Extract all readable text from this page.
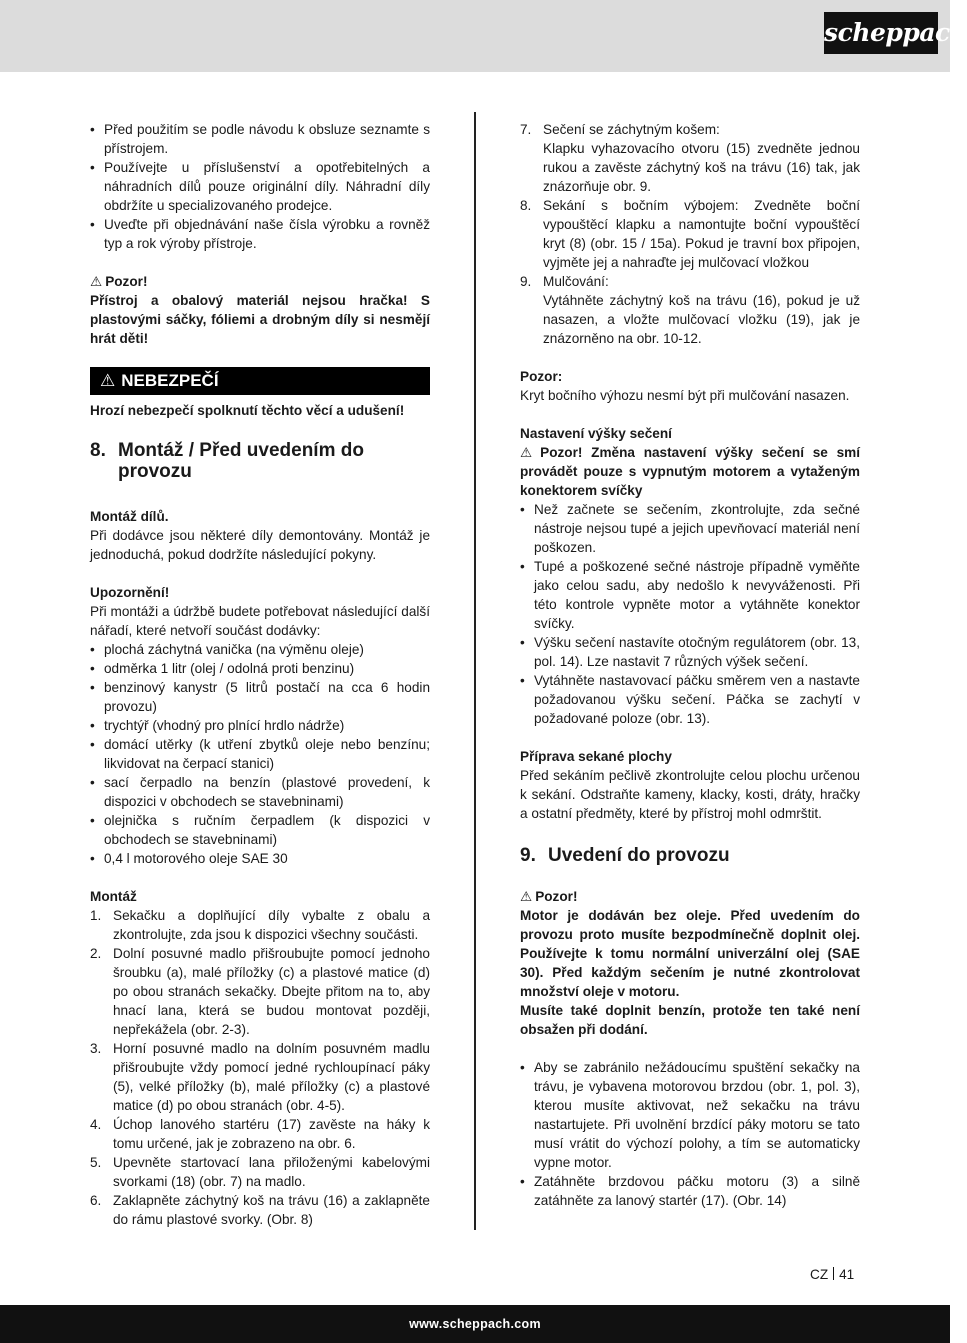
scheppach
• Před použitím se podle návodu k obsluze seznamte s přístrojem.
• Používejte u příslušenství a opotřebitelných a náhradních dílů pouze originální díly. Náhradní díly obdržíte u specializovaného prodejce.
• Uveďte při objednávání naše čísla výrobku a rovněž typ a rok výroby přístroje.

⚠ Pozor!

Přístroj a obalový materiál nejsou hračka! S plastovými sáčky, fóliemi a drobným díly si nesmějí hrát děti!

⚠ NEBEZPEČÍ

Hrozí nebezpečí spolknutí těchto věcí a udušení!

8. Montáž / Před uvedením do provozu

Montáž dílů.

Při dodávce jsou některé díly demontovány. Montáž je jednoduchá, pokud dodržíte následující pokyny.

Upozornění!

Při montáži a údržbě budete potřebovat následující další nářadí, které netvoří součást dodávky:

• plochá záchytná vanička (na výměnu oleje)
• odměrka 1 litr (olej / odolná proti benzinu)
• benzinový kanystr (5 litrů postačí na cca 6 hodin provozu)
• trychtýř (vhodný pro plnící hrdlo nádrže)
• domácí utěrky (k utření zbytků oleje nebo benzínu; likvidovat na čerpací stanici)
• sací čerpadlo na benzín (plastové provedení, k dispozici v obchodech se stavebninami)
• olejnička s ručním čerpadlem (k dispozici v obchodech se stavebninami)
• 0,4 l motorového oleje SAE 30

Montáž

1. Sekačku a doplňující díly vybalte z obalu a zkontrolujte, zda jsou k dispozici všechny součásti.
2. Dolní posuvné madlo přišroubujte pomocí jednoho šroubku (a), malé příložky (c) a plastové matice (d) po obou stranách sekačky. Dbejte přitom na to, aby hnací lana, která se budou montovat později, nepřekážela (obr. 2-3).
3. Horní posuvné madlo na dolním posuvném madlu přišroubujte vždy pomocí jedné rychloupínací páky (5), velké příložky (b), malé příložky (c) a plastové matice (d) po obou stranách (obr. 4-5).
4. Úchop lanového startéru (17) zavěste na háky k tomu určené, jak je zobrazeno na obr. 6.
5. Upevněte startovací lana přiloženými kabelovými svorkami (18) (obr. 7) na madlo.
6. Zaklapněte záchytný koš na trávu (16) a zaklapněte do rámu plastové svorky. (Obr. 8)
7. Sečení se záchytným košem:
Klapku vyhazovacího otvoru (15) zvedněte jednou rukou a zavěste záchytný koš na trávu (16) tak, jak znázorňuje obr. 9.
8. Sekání s bočním výbojem: Zvedněte boční vypouštěcí klapku a namontujte boční vypouštěcí kryt (8) (obr. 15 / 15a). Pokud je travní box připojen, vyjměte jej a nahraďte jej mulčovací vložkou
9. Mulčování:
Vytáhněte záchytný koš na trávu (16), pokud je už nasazen, a vložte mulčovací vložku (19), jak je znázorněno na obr. 10-12.

Pozor:

Kryt bočního výhozu nesmí být při mulčování nasazen.

Nastavení výšky sečení

⚠ Pozor! Změna nastavení výšky sečení se smí provádět pouze s vypnutým motorem a vytaženým konektorem svíčky

• Než začnete se sečením, zkontrolujte, zda sečné nástroje nejsou tupé a jejich upevňovací materiál není poškozen.
• Tupé a poškozené sečné nástroje případně vyměňte jako celou sadu, aby nedošlo k nevyváženosti. Při této kontrole vypněte motor a vytáhněte konektor svíčky.
• Výšku sečení nastavíte otočným regulátorem (obr. 13, pol. 14). Lze nastavit 7 různých výšek sečení.
• Vytáhněte nastavovací páčku směrem ven a nastavte požadovanou výšku sečení. Páčka se zachytí v požadované poloze (obr. 13).

Příprava sekané plochy

Před sekáním pečlivě zkontrolujte celou plochu určenou k sekání. Odstraňte kameny, klacky, kosti, dráty, hračky a ostatní předměty, které by přístroj mohl odmrštit.

9. Uvedení do provozu

⚠ Pozor!

Motor je dodáván bez oleje. Před uvedením do provozu proto musíte bezpodmínečně doplnit olej. Používejte k tomu normální univerzální olej (SAE 30). Před každým sečením je nutné zkontrolovat množství oleje v motoru.

Musíte také doplnit benzín, protože ten také není obsažen při dodání.

• Aby se zabránilo nežádoucímu spuštění sekačky na trávu, je vybavena motorovou brzdou (obr. 1, pol. 3), kterou musíte aktivovat, než sekačku na trávu nastartujete. Při uvolnění brzdící páky motoru se tato musí vrátit do výchozí polohy, a tím se automaticky vypne motor.
• Zatáhněte brzdovou páčku motoru (3) a silně zatáhněte za lanový startér (17). (Obr. 14)
CZ 41
www.scheppach.com
